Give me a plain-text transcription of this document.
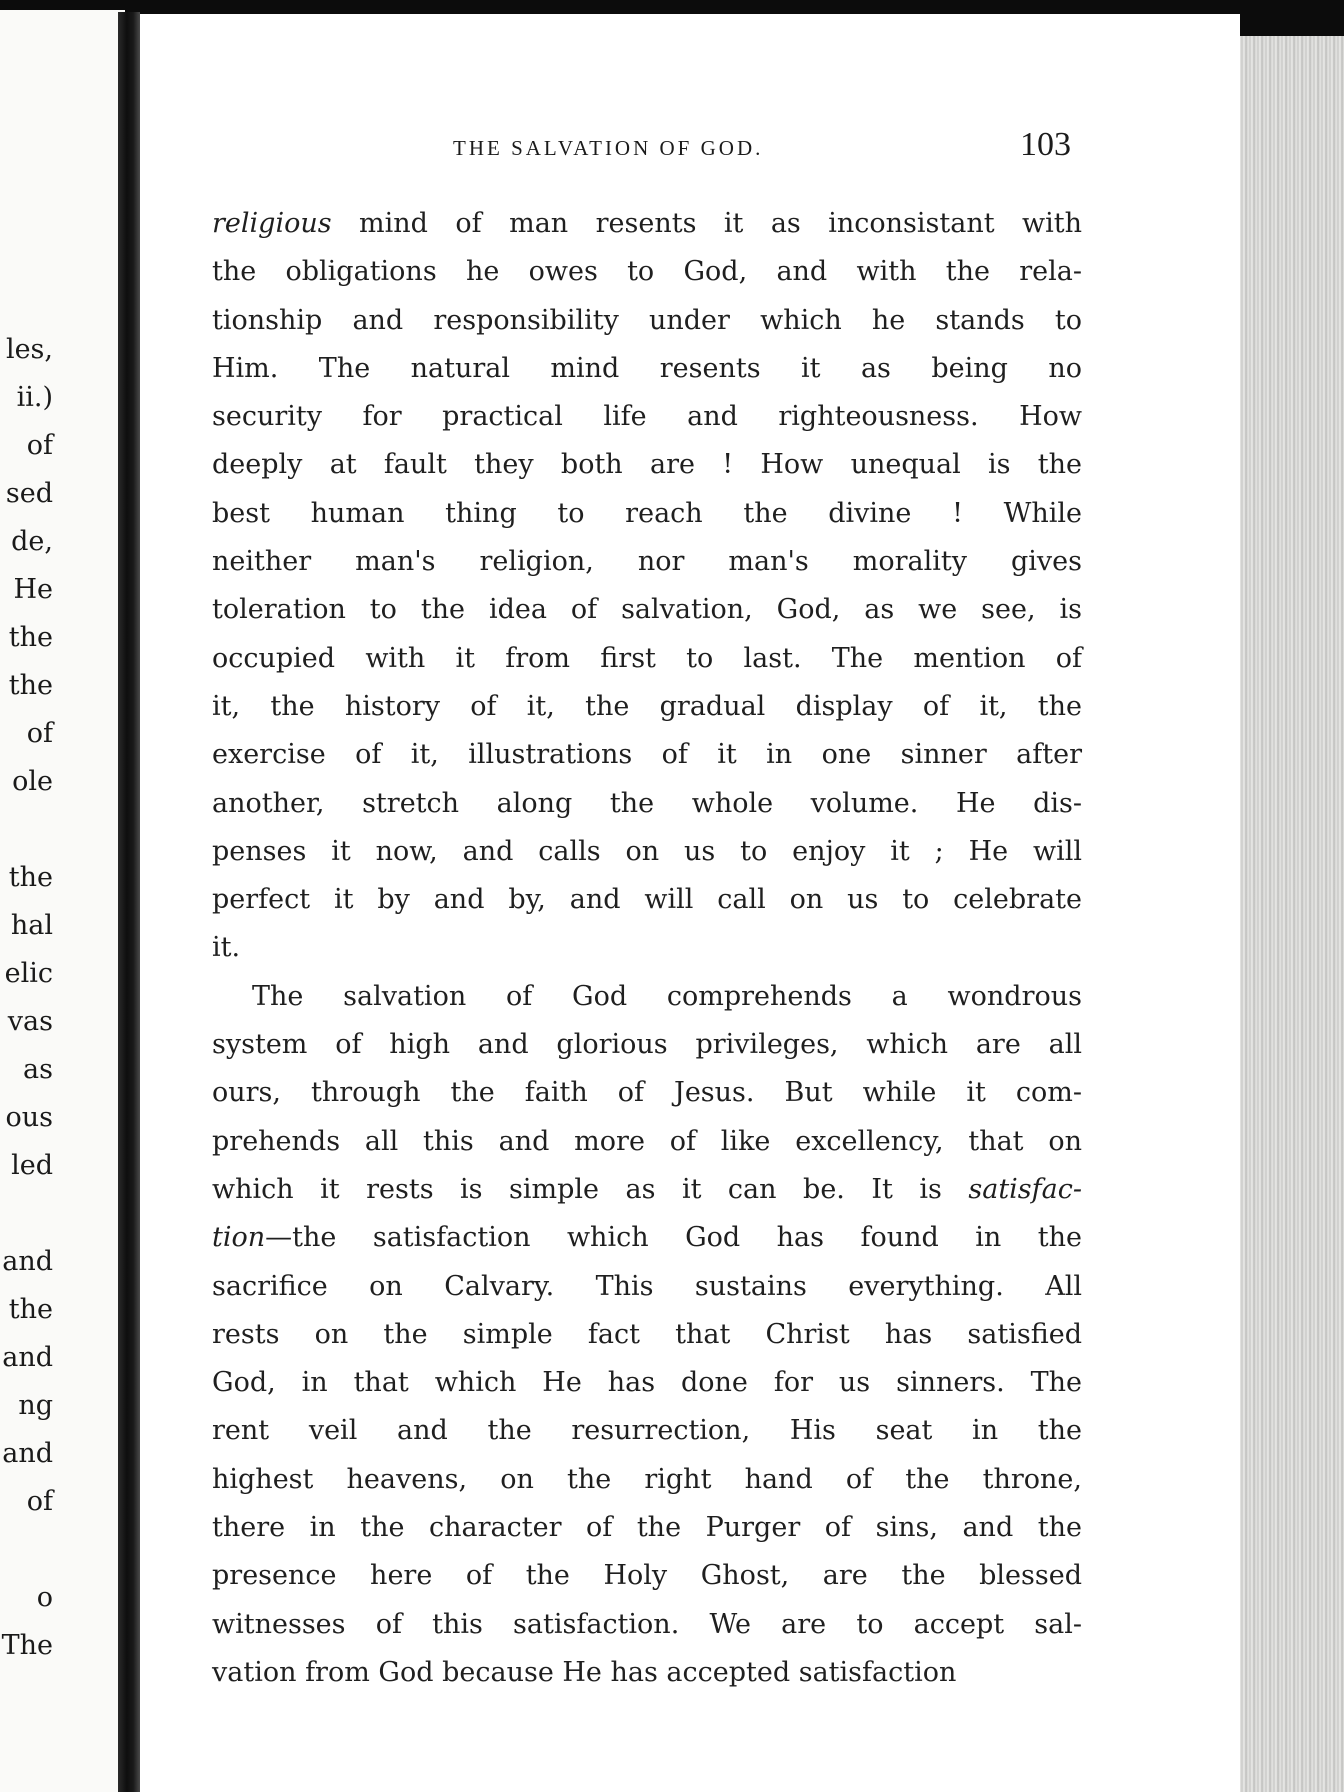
les,
ii.)
of
sed
de,
He
the
the
of
ole
the
hal
elic
vas
as
ous
led
and
the
and
ng
and
of
o
The
THE SALVATION OF GOD.	103
religious mind of man resents it as inconsistant with
the obligations he owes to God, and with the rela-
tionship and responsibility under which he stands to
Him. The natural mind resents it as being no
security for practical life and righteousness. How
deeply at fault they both are ! How unequal is the
best human thing to reach the divine ! While
neither man's religion, nor man's morality gives
toleration to the idea of salvation, God, as we see, is
occupied with it from first to last. The mention of
it, the history of it, the gradual display of it, the
exercise of it, illustrations of it in one sinner after
another, stretch along the whole volume. He dis-
penses it now, and calls on us to enjoy it ; He will
perfect it by and by, and will call on us to celebrate
it.
The salvation of God comprehends a wondrous
system of high and glorious privileges, which are all
ours, through the faith of Jesus. But while it com-
prehends all this and more of like excellency, that on
which it rests is simple as it can be. It is satisfac-
tion—the satisfaction which God has found in the
sacrifice on Calvary. This sustains everything. All
rests on the simple fact that Christ has satisfied
God, in that which He has done for us sinners. The
rent veil and the resurrection, His seat in the
highest heavens, on the right hand of the throne,
there in the character of the Purger of sins, and the
presence here of the Holy Ghost, are the blessed
witnesses of this satisfaction. We are to accept sal-
vation from God because He has accepted satisfaction
